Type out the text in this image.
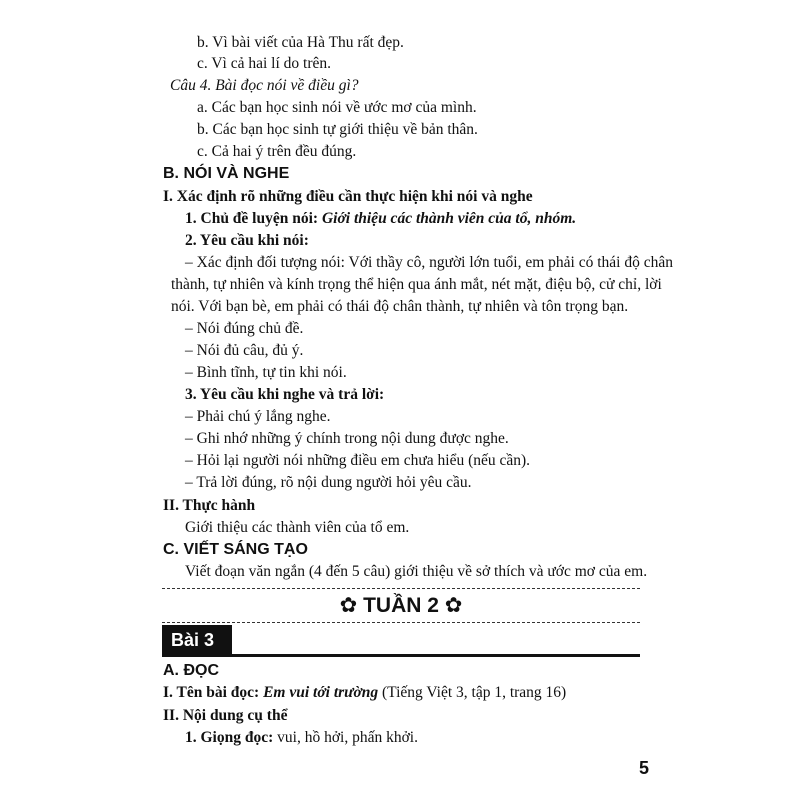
b. Vì bài viết của Hà Thu rất đẹp.
c. Vì cả hai lí do trên.
Câu 4. Bài đọc nói về điều gì?
a. Các bạn học sinh nói về ước mơ của mình.
b. Các bạn học sinh tự giới thiệu về bản thân.
c. Cả hai ý trên đều đúng.
B. NÓI VÀ NGHE
I. Xác định rõ những điều cần thực hiện khi nói và nghe
1. Chủ đề luyện nói: Giới thiệu các thành viên của tổ, nhóm.
2. Yêu cầu khi nói:
– Xác định đối tượng nói: Với thầy cô, người lớn tuổi, em phải có thái độ chân
thành, tự nhiên và kính trọng thể hiện qua ánh mắt, nét mặt, điệu bộ, cử chỉ, lời
nói. Với bạn bè, em phải có thái độ chân thành, tự nhiên và tôn trọng bạn.
– Nói đúng chủ đề.
– Nói đủ câu, đủ ý.
– Bình tĩnh, tự tin khi nói.
3. Yêu cầu khi nghe và trả lời:
– Phải chú ý lắng nghe.
– Ghi nhớ những ý chính trong nội dung được nghe.
– Hỏi lại người nói những điều em chưa hiểu (nếu cần).
– Trả lời đúng, rõ nội dung người hỏi yêu cầu.
II. Thực hành
Giới thiệu các thành viên của tổ em.
C. VIẾT SÁNG TẠO
Viết đoạn văn ngắn (4 đến 5 câu) giới thiệu về sở thích và ước mơ của em.
✿ TUẦN 2 ✿
Bài 3
A. ĐỌC
I. Tên bài đọc: Em vui tới trường (Tiếng Việt 3, tập 1, trang 16)
II. Nội dung cụ thể
1. Giọng đọc: vui, hồ hởi, phấn khởi.
5
